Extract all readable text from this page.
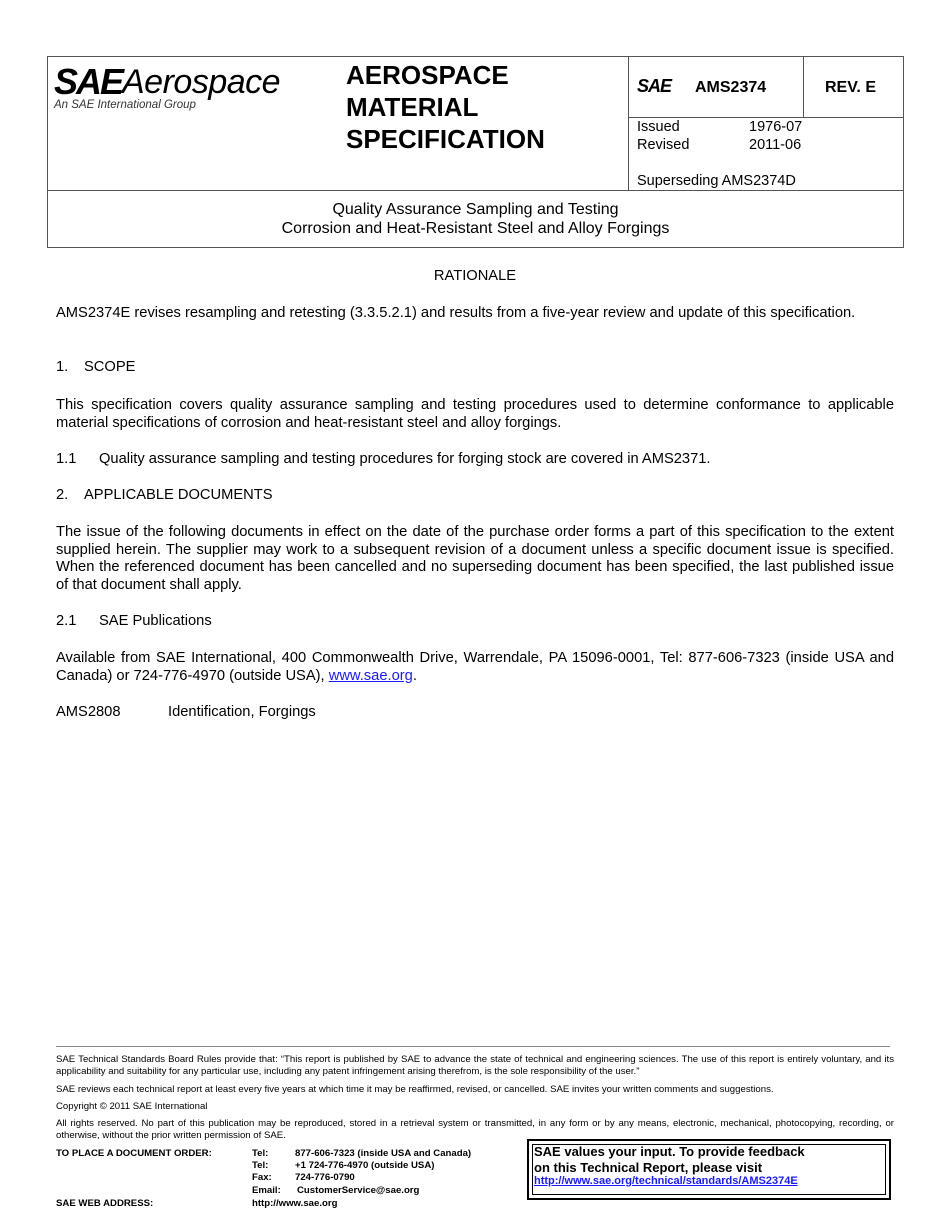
SAE Aerospace
An SAE International Group
AEROSPACE
MATERIAL
SPECIFICATION
SAE AMS2374	REV. E
Issued	1976-07
Revised	2011-06
Superseding AMS2374D
Quality Assurance Sampling and Testing
Corrosion and Heat-Resistant Steel and Alloy Forgings
RATIONALE
AMS2374E revises resampling and retesting (3.3.5.2.1) and results from a five-year review and update of this specification.
1. SCOPE
This specification covers quality assurance sampling and testing procedures used to determine conformance to applicable material specifications of corrosion and heat-resistant steel and alloy forgings.
1.1 Quality assurance sampling and testing procedures for forging stock are covered in AMS2371.
2. APPLICABLE DOCUMENTS
The issue of the following documents in effect on the date of the purchase order forms a part of this specification to the extent supplied herein. The supplier may work to a subsequent revision of a document unless a specific document issue is specified. When the referenced document has been cancelled and no superseding document has been specified, the last published issue of that document shall apply.
2.1 SAE Publications
Available from SAE International, 400 Commonwealth Drive, Warrendale, PA 15096-0001, Tel: 877-606-7323 (inside USA and Canada) or 724-776-4970 (outside USA), www.sae.org.
AMS2808	Identification, Forgings
SAE Technical Standards Board Rules provide that: “This report is published by SAE to advance the state of technical and engineering sciences. The use of this report is entirely voluntary, and its applicability and suitability for any particular use, including any patent infringement arising therefrom, is the sole responsibility of the user.”
SAE reviews each technical report at least every five years at which time it may be reaffirmed, revised, or cancelled. SAE invites your written comments and suggestions.
Copyright © 2011 SAE International
All rights reserved. No part of this publication may be reproduced, stored in a retrieval system or transmitted, in any form or by any means, electronic, mechanical, photocopying, recording, or otherwise, without the prior written permission of SAE.
TO PLACE A DOCUMENT ORDER:	Tel:	877-606-7323 (inside USA and Canada)
Tel:	+1 724-776-4970 (outside USA)
Fax: 724-776-0790
Email: CustomerService@sae.org
SAE WEB ADDRESS:	http://www.sae.org
SAE values your input. To provide feedback
on this Technical Report, please visit
http://www.sae.org/technical/standards/AMS2374E
